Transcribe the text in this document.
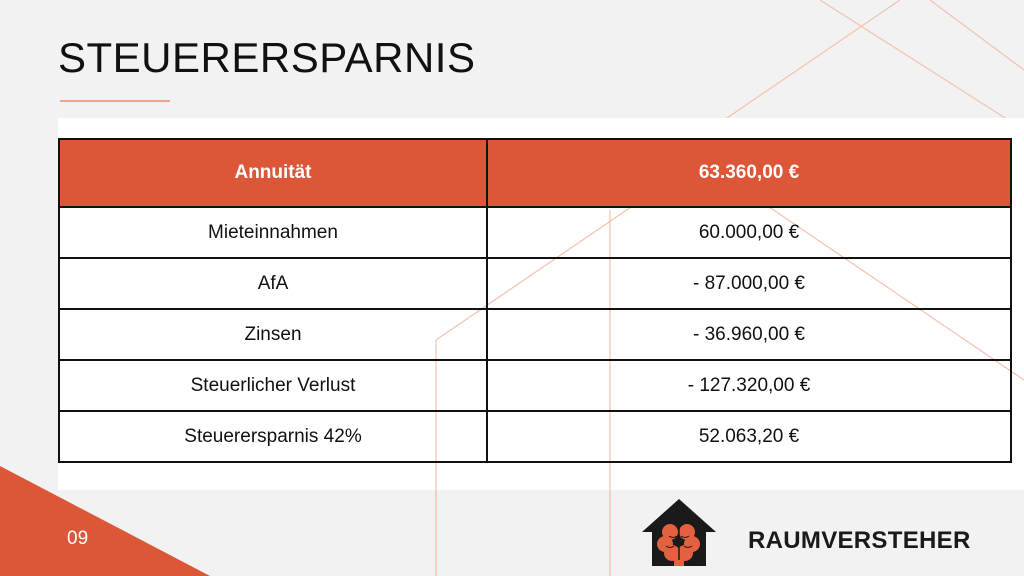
STEUERERSPARNIS
Annuität	63.360,00 €
Mieteinnahmen	60.000,00 €
AfA	- 87.000,00 €
Zinsen	- 36.960,00 €
Steuerlicher Verlust	- 127.320,00 €
Steuerersparnis 42%	52.063,20 €
09	RAUMVERSTEHER
